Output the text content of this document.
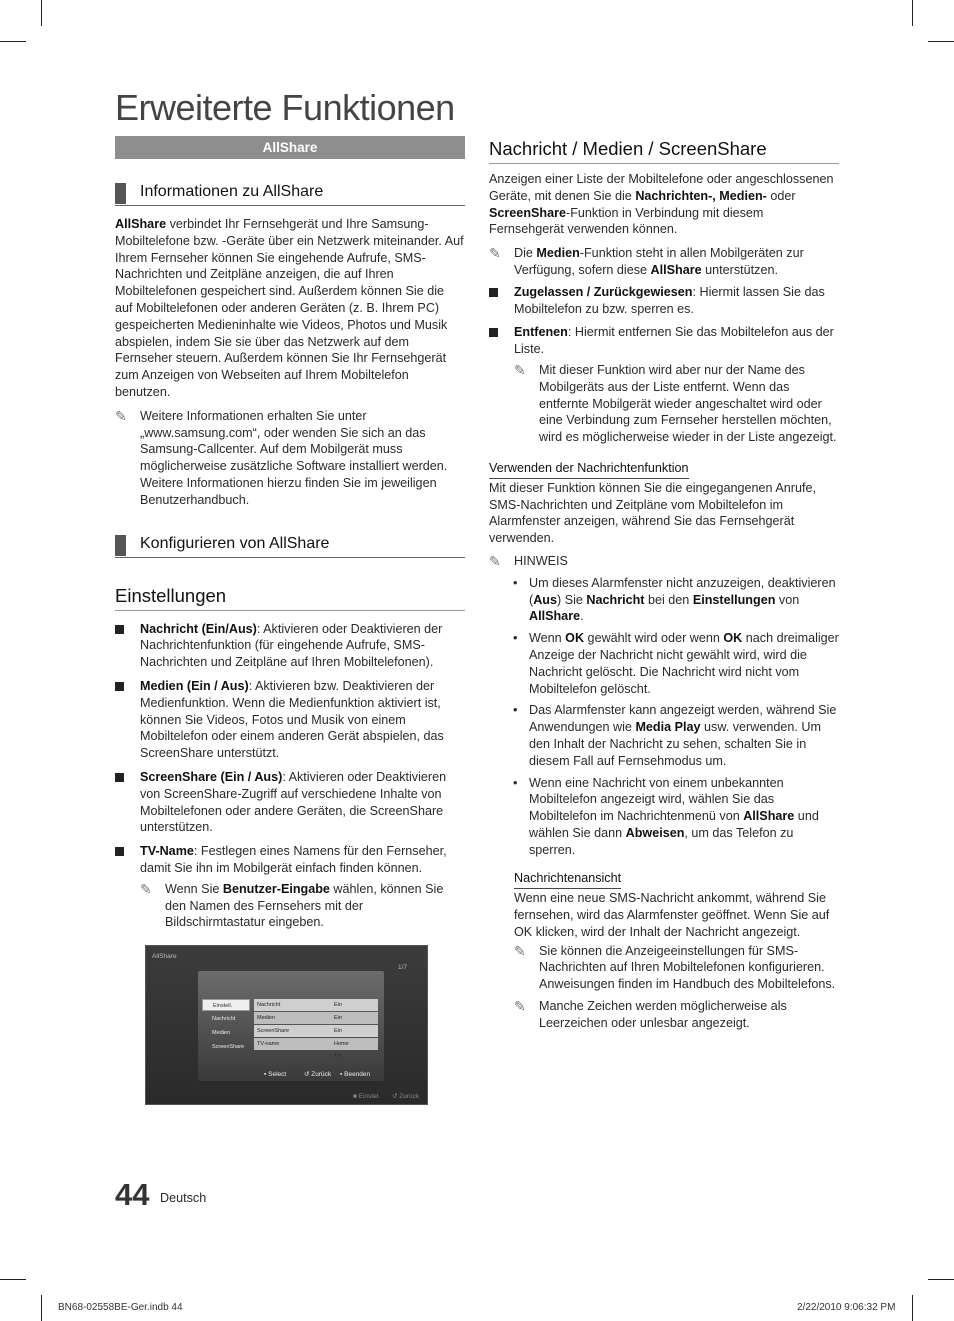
Erweiterte Funktionen
AllShare
Informationen zu AllShare

AllShare verbindet Ihr Fernsehgerät und Ihre Samsung-Mobiltelefone bzw. -Geräte über ein Netzwerk miteinander. Auf Ihrem Fernseher können Sie eingehende Aufrufe, SMS-Nachrichten und Zeitpläne anzeigen, die auf Ihren Mobiltelefonen gespeichert sind. Außerdem können Sie die auf Mobiltelefonen oder anderen Geräten (z. B. Ihrem PC) gespeicherten Medieninhalte wie Videos, Photos und Musik abspielen, indem Sie sie über das Netzwerk auf dem Fernseher steuern. Außerdem können Sie Ihr Fernsehgerät zum Anzeigen von Webseiten auf Ihrem Mobiltelefon benutzen.

✎ Weitere Informationen erhalten Sie unter „www.samsung.com“, oder wenden Sie sich an das Samsung-Callcenter. Auf dem Mobilgerät muss möglicherweise zusätzliche Software installiert werden. Weitere Informationen hierzu finden Sie im jeweiligen Benutzerhandbuch.
Konfigurieren von AllShare
Einstellungen
Nachricht (Ein/Aus): Aktivieren oder Deaktivieren der Nachrichtenfunktion (für eingehende Aufrufe, SMS-Nachrichten und Zeitpläne auf Ihren Mobiltelefonen).
Medien (Ein / Aus): Aktivieren bzw. Deaktivieren der Medienfunktion. Wenn die Medienfunktion aktiviert ist, können Sie Videos, Fotos und Musik von einem Mobiltelefon oder einem anderen Gerät abspielen, das ScreenShare unterstützt.
ScreenShare (Ein / Aus): Aktivieren oder Deaktivieren von ScreenShare-Zugriff auf verschiedene Inhalte von Mobiltelefonen oder andere Geräten, die ScreenShare unterstützen.
TV-Name: Festlegen eines Namens für den Fernseher, damit Sie ihn im Mobilgerät einfach finden können.
✎ Wenn Sie Benutzer-Eingabe wählen, können Sie den Namen des Fernsehers mit der Bildschirmtastatur eingeben.
AllShare
1/7
Einstell.
Nachricht
Medien
ScreenShare
Nachricht	Ein
Medien	Ein
ScreenShare	Ein
TV-name	Home TV
▪ Select	↺ Zurück ▪ Beenden
■ Einstel. ↺ Zurück
Nachricht / Medien / ScreenShare

Anzeigen einer Liste der Mobiltelefone oder angeschlossenen Geräte, mit denen Sie die Nachrichten-, Medien- oder ScreenShare-Funktion in Verbindung mit diesem Fernsehgerät verwenden können.

✎ Die Medien-Funktion steht in allen Mobilgeräten zur Verfügung, sofern diese AllShare unterstützen.
Zugelassen / Zurückgewiesen: Hiermit lassen Sie das Mobiltelefon zu bzw. sperren es.
Entfenen: Hiermit entfernen Sie das Mobiltelefon aus der Liste.
✎ Mit dieser Funktion wird aber nur der Name des Mobilgeräts aus der Liste entfernt. Wenn das entfernte Mobilgerät wieder angeschaltet wird oder eine Verbindung zum Fernseher herstellen möchten, wird es möglicherweise wieder in der Liste angezeigt.
Verwenden der Nachrichtenfunktion

Mit dieser Funktion können Sie die eingegangenen Anrufe, SMS-Nachrichten und Zeitpläne vom Mobiltelefon im Alarmfenster anzeigen, während Sie das Fernsehgerät verwenden.

✎ HINWEIS
• Um dieses Alarmfenster nicht anzuzeigen, deaktivieren (Aus) Sie Nachricht bei den Einstellungen von AllShare.
• Wenn OK gewählt wird oder wenn OK nach dreimaliger Anzeige der Nachricht nicht gewählt wird, wird die Nachricht gelöscht. Die Nachricht wird nicht vom Mobiltelefon gelöscht.
• Das Alarmfenster kann angezeigt werden, während Sie Anwendungen wie Media Play usw. verwenden. Um den Inhalt der Nachricht zu sehen, schalten Sie in diesem Fall auf Fernsehmodus um.
• Wenn eine Nachricht von einem unbekannten Mobiltelefon angezeigt wird, wählen Sie das Mobiltelefon im Nachrichtenmenü von AllShare und wählen Sie dann Abweisen, um das Telefon zu sperren.
Nachrichtenansicht

Wenn eine neue SMS-Nachricht ankommt, während Sie fernsehen, wird das Alarmfenster geöffnet. Wenn Sie auf OK klicken, wird der Inhalt der Nachricht angezeigt.

✎ Sie können die Anzeigeeinstellungen für SMS-Nachrichten auf Ihren Mobiltelefonen konfigurieren. Anweisungen finden im Handbuch des Mobiltelefons.
✎ Manche Zeichen werden möglicherweise als Leerzeichen oder unlesbar angezeigt.
44 Deutsch
BN68-02558BE-Ger.indb 44	2/22/2010 9:06:32 PM
